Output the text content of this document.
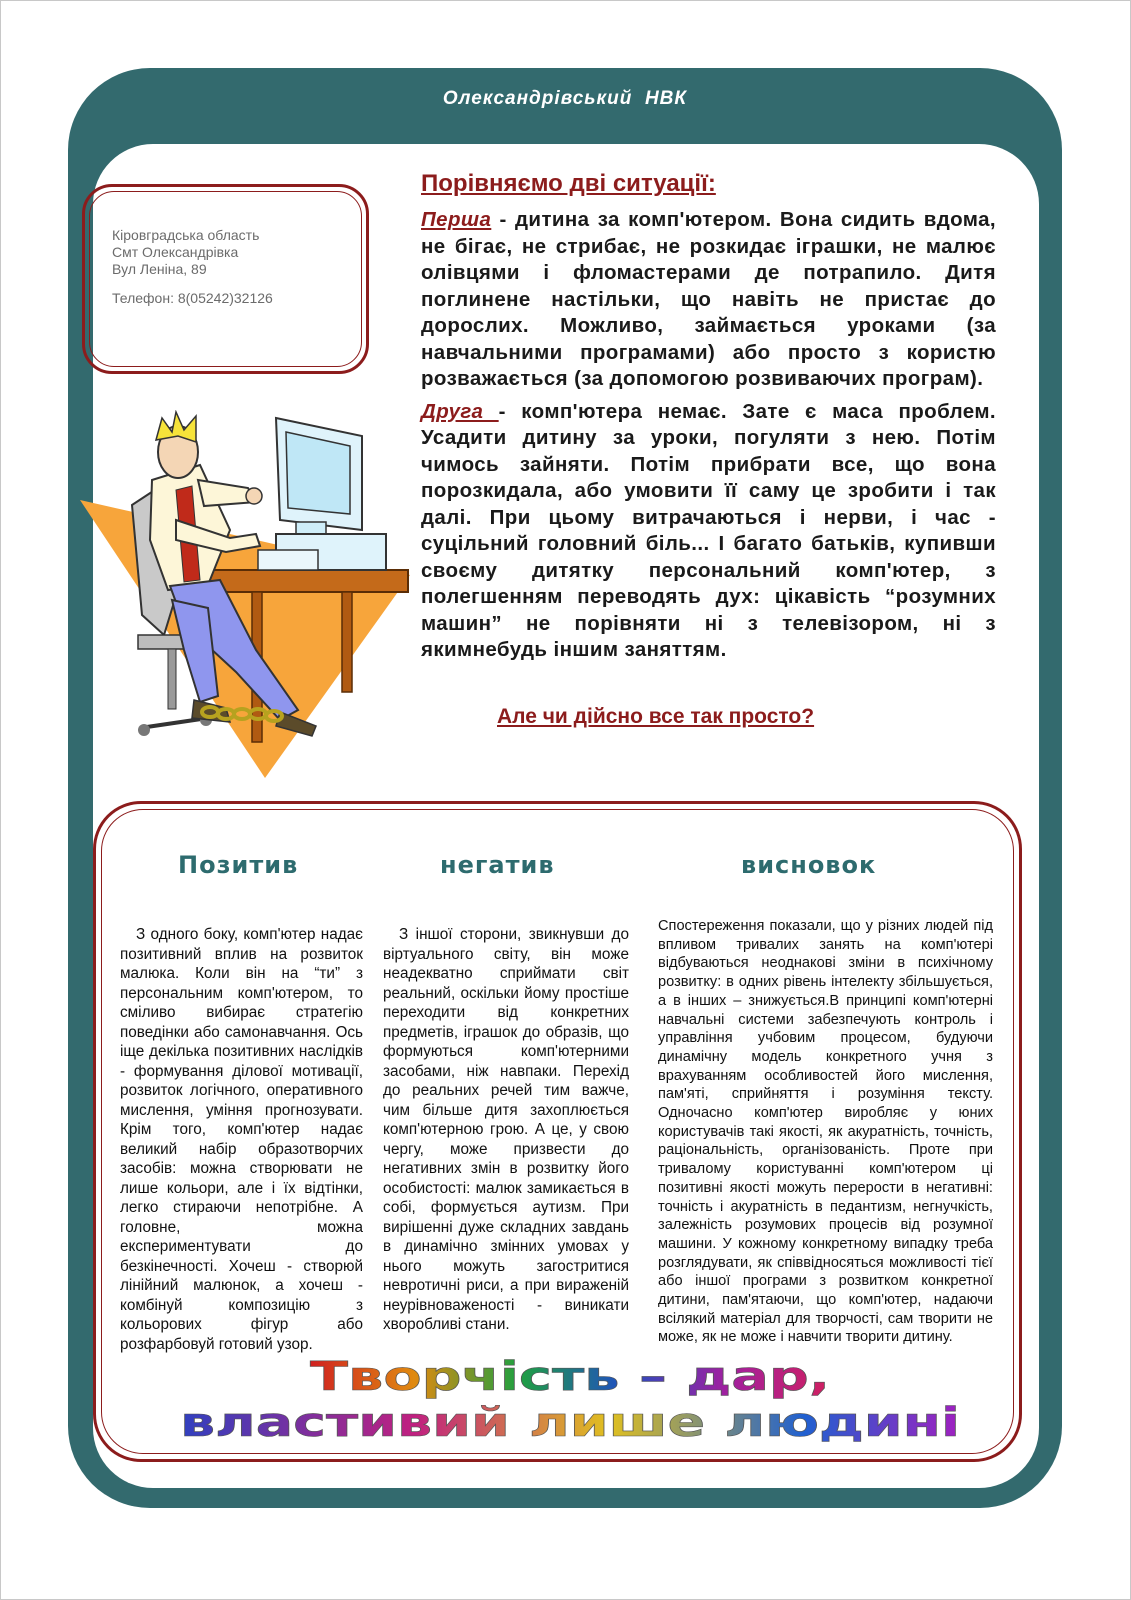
Олександрівський  НВК
Кіровградська область
Смт Олександрівка
Вул Леніна, 89
Телефон: 8(05242)32126
Порівняємо дві ситуації:

Перша - дитина за комп'ютером. Вона сидить вдома, не бігає, не стрибає, не розкидає іграшки, не малює олівцями і фломастерами де потрапило. Дитя поглинене настільки, що навіть не пристає до дорослих. Можливо, займається уроками (за навчальними програмами) або просто з користю розважається (за допомогою розвиваючих програм).

Друга - комп'ютера немає. Зате є маса проблем. Усадити дитину за уроки, погуляти з нею. Потім чимось зайняти. Потім прибрати все, що вона порозкидала, або умовити її саму це зробити і так далі. При цьому витрачаються і нерви, і час - суцільний головний біль... І багато батьків, купивши своєму дитятку персональний комп'ютер, з полегшенням переводять дух: цікавість “розумних машин” не порівняти ні з телевізором, ні з якимнебудь іншим заняттям.

Але чи дійсно все так просто?
Позитив	негатив	висновок

З одного боку, комп'ютер надає позитивний вплив на розвиток малюка. Коли він на “ти” з персональним комп'ютером, то сміливо вибирає стратегію поведінки або самонавчання. Ось іще декілька позитивних наслідків - формування ділової мотивації, розвиток логічного, оперативного мислення, уміння прогнозувати. Крім того, комп'ютер надає великий набір образотворчих засобів: можна створювати не лише кольори, але і їх відтінки, легко стираючи непотрібне. А головне, можна експериментувати до безкінечності. Хочеш - створюй лінійний малюнок, а хочеш - комбінуй композицію з кольорових фігур або розфарбовуй готовий узор.

З іншої сторони, звикнувши до віртуального світу, він може неадекватно сприймати світ реальний, оскільки йому простіше переходити від конкретних предметів, іграшок до образів, що формуються комп'ютерними засобами, ніж навпаки. Перехід до реальних речей тим важче, чим більше дитя захоплюється комп'ютерною грою. А це, у свою чергу, може призвести до негативних змін в розвитку його особистості: малюк замикається в собі, формується аутизм. При вирішенні дуже складних завдань в динамічно змінних умовах у нього можуть загостритися невротичні риси, а при вираженій неурівноваженості - виникати хворобливі стани.

Спостереження показали, що у різних людей під впливом тривалих занять на комп'ютері відбуваються неоднакові зміни в психічному розвитку: в одних рівень інтелекту збільшується, а в інших – знижується.В принципі комп'ютерні навчальні системи забезпечують контроль і управління учбовим процесом, будуючи динамічну модель конкретного учня з врахуванням особливостей його мислення, пам'яті, сприйняття і розуміння тексту. Одночасно комп'ютер виробляє у юних користувачів такі якості, як акуратність, точність, раціональність, організованість. Проте при тривалому користуванні комп'ютером ці позитивні якості можуть перерости в негативні: точність і акуратність в педантизм, негнучкість, залежність розумових процесів від розумної машини. У кожному конкретному випадку треба розглядувати, як співвідносяться можливості тієї або іншої програми з розвитком конкретної дитини, пам'ятаючи, що комп'ютер, надаючи всілякий матеріал для творчості, сам творити не може, як не може і навчити творити дитину.

Творчість – дар,
властивий лише людині
